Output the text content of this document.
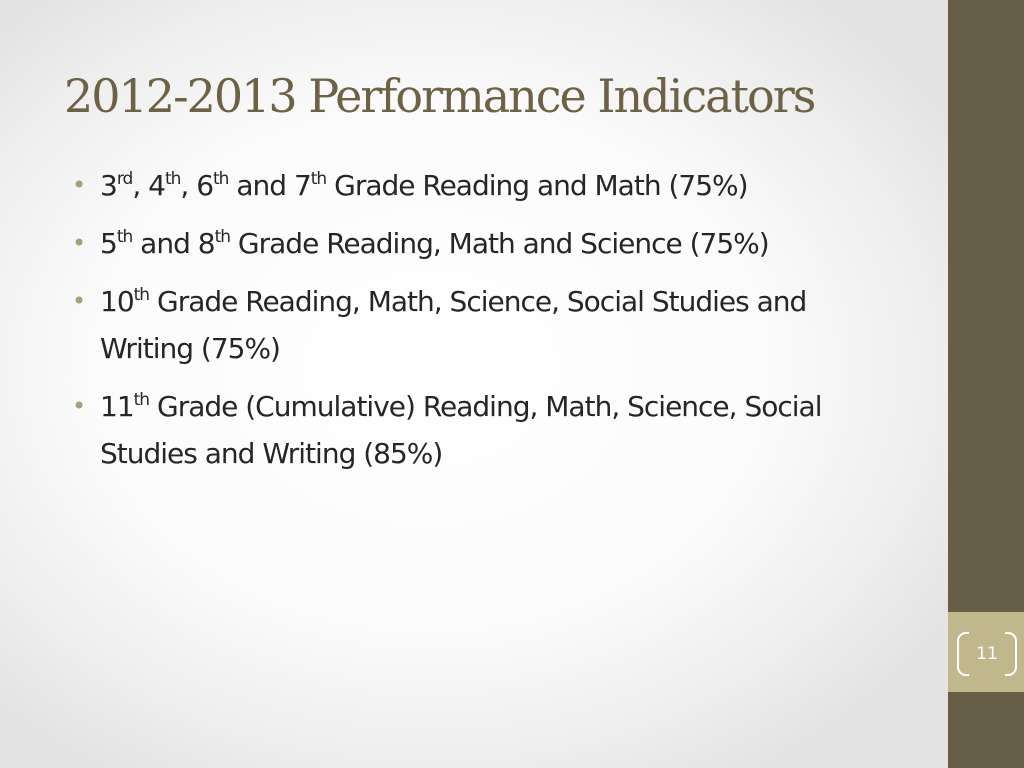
2012-2013 Performance Indicators
• 3rd, 4th, 6th and 7th Grade Reading and Math (75%)
• 5th and 8th Grade Reading, Math and Science (75%)
• 10th Grade Reading, Math, Science, Social Studies and Writing (75%)
• 11th Grade (Cumulative) Reading, Math, Science, Social Studies and Writing (85%)
11
